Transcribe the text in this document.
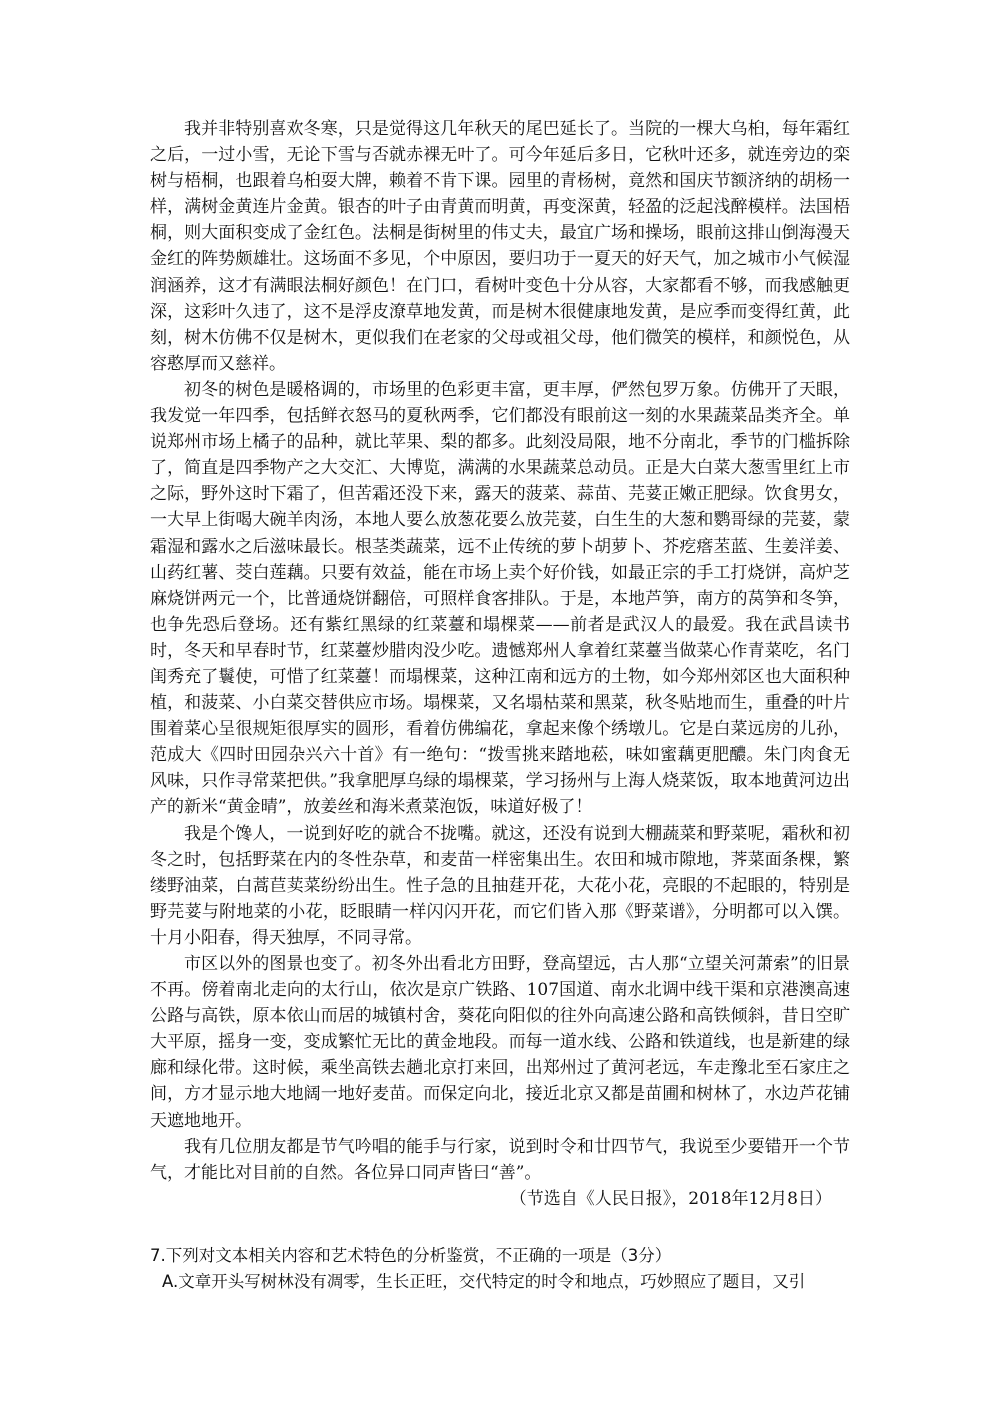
我并非特别喜欢冬寒，只是觉得这几年秋天的尾巴延长了。当院的一棵大乌桕，每年霜红之后，一过小雪，无论下雪与否就赤裸无叶了。可今年延后多日，它秋叶还多，就连旁边的栾树与梧桐，也跟着乌桕耍大牌，赖着不肯下课。园里的青杨树，竟然和国庆节额济纳的胡杨一样，满树金黄连片金黄。银杏的叶子由青黄而明黄，再变深黄，轻盈的泛起浅醉模样。法国梧桐，则大面积变成了金红色。法桐是街树里的伟丈夫，最宜广场和操场，眼前这排山倒海漫天金红的阵势颇雄壮。这场面不多见，个中原因，要归功于一夏天的好天气，加之城市小气候湿润涵养，这才有满眼法桐好颜色！在门口，看树叶变色十分从容，大家都看不够，而我感触更深，这彩叶久违了，这不是浮皮潦草地发黄，而是树木很健康地发黄，是应季而变得红黄，此刻，树木仿佛不仅是树木，更似我们在老家的父母或祖父母，他们微笑的模样，和颜悦色，从容憨厚而又慈祥。

初冬的树色是暖格调的，市场里的色彩更丰富，更丰厚，俨然包罗万象。仿佛开了天眼，我发觉一年四季，包括鲜衣怒马的夏秋两季，它们都没有眼前这一刻的水果蔬菜品类齐全。单说郑州市场上橘子的品种，就比苹果、梨的都多。此刻没局限，地不分南北，季节的门槛拆除了，简直是四季物产之大交汇、大博览，满满的水果蔬菜总动员。正是大白菜大葱雪里红上市之际，野外这时下霜了，但苦霜还没下来，露天的菠菜、蒜苗、芫荽正嫩正肥绿。饮食男女，一大早上街喝大碗羊肉汤，本地人要么放葱花要么放芫荽，白生生的大葱和鹦哥绿的芫荽，蒙霜湿和露水之后滋味最长。根茎类蔬菜，远不止传统的萝卜胡萝卜、芥疙瘩苤蓝、生姜洋姜、山药红薯、茭白莲藕。只要有效益，能在市场上卖个好价钱，如最正宗的手工打烧饼，高炉芝麻烧饼两元一个，比普通烧饼翻倍，可照样食客排队。于是，本地芦笋，南方的莴笋和冬笋，也争先恐后登场。还有紫红黑绿的红菜薹和塌棵菜——前者是武汉人的最爱。我在武昌读书时，冬天和早春时节，红菜薹炒腊肉没少吃。遗憾郑州人拿着红菜薹当做菜心作青菜吃，名门闺秀充了鬟使，可惜了红菜薹！而塌棵菜，这种江南和远方的土物，如今郑州郊区也大面积种植，和菠菜、小白菜交替供应市场。塌棵菜，又名塌枯菜和黑菜，秋冬贴地而生，重叠的叶片围着菜心呈很规矩很厚实的圆形，看着仿佛编花，拿起来像个绣墩儿。它是白菜远房的儿孙，范成大《四时田园杂兴六十首》有一绝句：“拨雪挑来踏地菘，味如蜜藕更肥醲。朱门肉食无风味，只作寻常菜把供。”我拿肥厚乌绿的塌棵菜，学习扬州与上海人烧菜饭，取本地黄河边出产的新米“黄金晴”，放姜丝和海米煮菜泡饭，味道好极了！

我是个馋人，一说到好吃的就合不拢嘴。就这，还没有说到大棚蔬菜和野菜呢，霜秋和初冬之时，包括野菜在内的冬性杂草，和麦苗一样密集出生。农田和城市隙地，荠菜面条棵，繁缕野油菜，白蒿苣荬菜纷纷出生。性子急的且抽莛开花，大花小花，亮眼的不起眼的，特别是野芫荽与附地菜的小花，眨眼睛一样闪闪开花，而它们皆入那《野菜谱》，分明都可以入馔。十月小阳春，得天独厚，不同寻常。

市区以外的图景也变了。初冬外出看北方田野，登高望远，古人那“立望关河萧索”的旧景不再。傍着南北走向的太行山，依次是京广铁路、107国道、南水北调中线干渠和京港澳高速公路与高铁，原本依山而居的城镇村舍，葵花向阳似的往外向高速公路和高铁倾斜，昔日空旷大平原，摇身一变，变成繁忙无比的黄金地段。而每一道水线、公路和铁道线，也是新建的绿廊和绿化带。这时候，乘坐高铁去趟北京打来回，出郑州过了黄河老远，车走豫北至石家庄之间，方才显示地大地阔一地好麦苗。而保定向北，接近北京又都是苗圃和树林了，水边芦花铺天遮地地开。

我有几位朋友都是节气吟唱的能手与行家，说到时令和廿四节气，我说至少要错开一个节气，才能比对目前的自然。各位异口同声皆曰“善”。

（节选自《人民日报》，2018年12月8日）

7.下列对文本相关内容和艺术特色的分析鉴赏，不正确的一项是（3分）

A.文章开头写树林没有凋零，生长正旺，交代特定的时令和地点，巧妙照应了题目，又引
